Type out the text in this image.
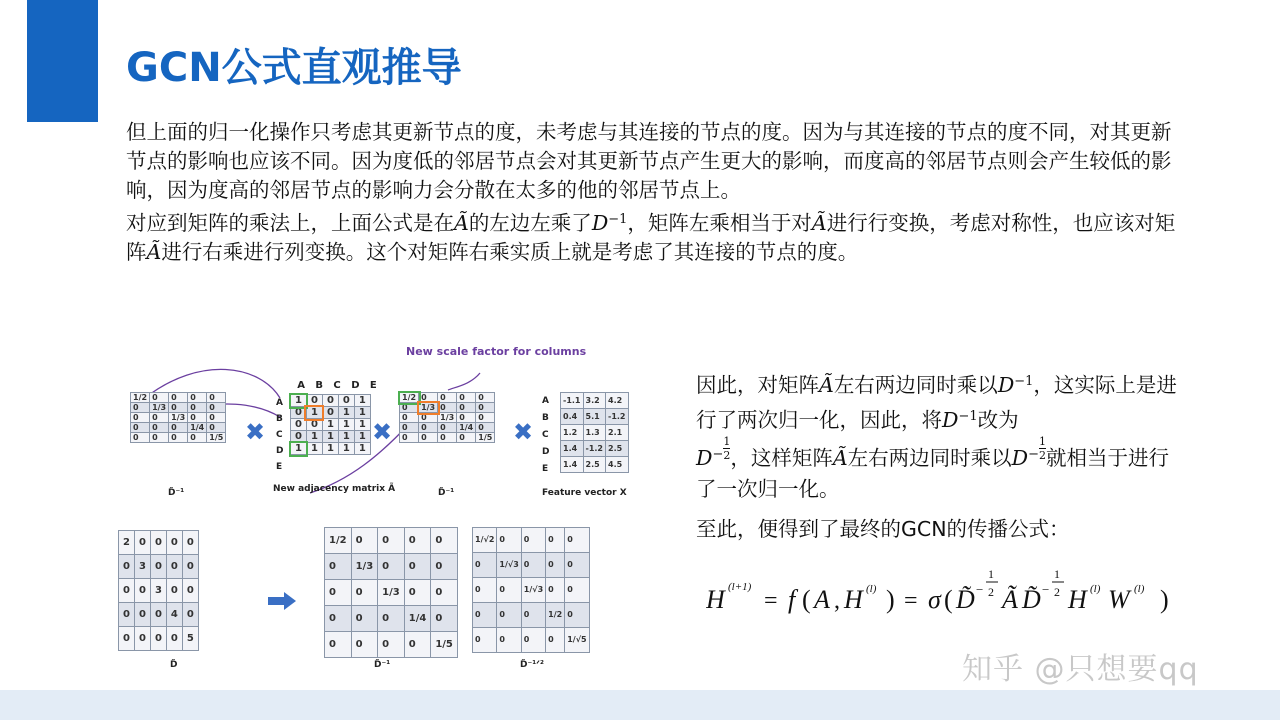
GCN公式直观推导

但上面的归一化操作只考虑其更新节点的度，未考虑与其连接的节点的度。因为与其连接的节点的度不同，对其更新节点的影响也应该不同。因为度低的邻居节点会对其更新节点产生更大的影响，而度高的邻居节点则会产生较低的影响，因为度高的邻居节点的影响力会分散在太多的他的邻居节点上。

对应到矩阵的乘法上，上面公式是在Ã的左边左乘了$D^{-1}$，矩阵左乘相当于对Ã进行行变换，考虑对称性，也应该对矩阵Ã进行右乘进行列变换。这个对矩阵右乘实质上就是考虑了其连接的节点的度。

New scale factor for columns
1/2	0	0	0	0
0	1/3	0	0	0
0	0	1/3	0	0
0	0	0	1/4	0
0	0	0	0	1/5
D̃⁻¹
✖
A B C D E
A
B
C
D
E
1	0	0	0	1
0	1	0	1	1
0	0	1	1	1
0	1	1	1	1
1	1	1	1	1
New adjacency matrix Ã
✖
1/2	0	0	0	0
0	1/3	0	0	0
0	0	1/3	0	0
0	0	0	1/4	0
0	0	0	0	1/5
D̃⁻¹
✖
A
B
C
D
E
-1.1	3.2	4.2
0.4	5.1	-1.2
1.2	1.3	2.1
1.4	-1.2	2.5
1.4	2.5	4.5
Feature vector X
2	0	0	0	0
0	3	0	0	0
0	0	3	0	0
0	0	0	4	0
0	0	0	0	5
D̃
1/2	0	0	0	0
0	1/3	0	0	0
0	0	1/3	0	0
0	0	0	1/4	0
0	0	0	0	1/5
D̃⁻¹
1/√2	0	0	0	0
0	1/√3	0	0	0
0	0	1/√3	0	0
0	0	0	1/2	0
0	0	0	0	1/√5
D̃⁻¹ᐟ²

因此，对矩阵Ã左右两边同时乘以$D^{-1}$，这实际上是进行了两次归一化，因此，将$D^{-1}$改为
$D^- \frac{1}{2}$ ，这样矩阵Ã左右两边同时乘以$D^- \frac{1}{2}$ 就相当于进行了一次归一化。

至此，便得到了最终的GCN的传播公式：
H (l+1)
= f ( A , H (l) ) = σ ( D̃ −
1
2 Ã D̃ −
1
2 H (l) W (l) )
知乎 @只想要qq
